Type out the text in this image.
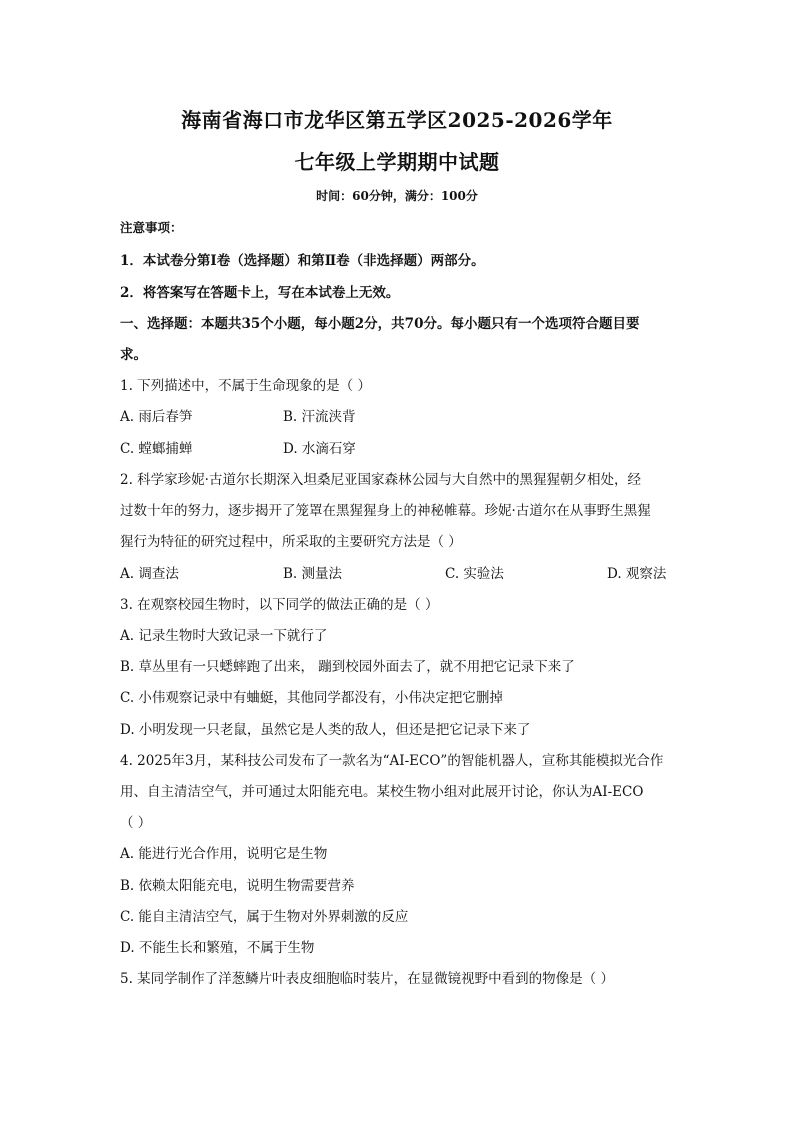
海南省海口市龙华区第五学区2025-2026学年
七年级上学期期中试题
时间：60分钟，满分：100分
注意事项：
1．本试卷分第Ⅰ卷（选择题）和第Ⅱ卷（非选择题）两部分。
2．将答案写在答题卡上，写在本试卷上无效。
一、选择题：本题共35个小题，每小题2分，共70分。每小题只有一个选项符合题目要
求。
1. 下列描述中，不属于生命现象的是（ ）
A. 雨后春笋	B. 汗流浃背
C. 螳螂捕蝉	D. 水滴石穿
2. 科学家珍妮·古道尔长期深入坦桑尼亚国家森林公园与大自然中的黑猩猩朝夕相处，经
过数十年的努力，逐步揭开了笼罩在黑猩猩身上的神秘帷幕。珍妮·古道尔在从事野生黑猩
猩行为特征的研究过程中，所采取的主要研究方法是（ ）
A. 调查法	B. 测量法	C. 实验法	D. 观察法
3. 在观察校园生物时，以下同学的做法正确的是（ ）
A. 记录生物时大致记录一下就行了
B. 草丛里有一只蟋蟀跑了出来， 蹦到校园外面去了，就不用把它记录下来了
C. 小伟观察记录中有蛐蜓，其他同学都没有，小伟决定把它删掉
D. 小明发现一只老鼠，虽然它是人类的敌人，但还是把它记录下来了
4. 2025年3月，某科技公司发布了一款名为“AI-ECO”的智能机器人，宣称其能模拟光合作
用、自主清洁空气，并可通过太阳能充电。某校生物小组对此展开讨论，你认为AI-ECO
（ ）
A. 能进行光合作用，说明它是生物
B. 依赖太阳能充电，说明生物需要营养
C. 能自主清洁空气，属于生物对外界刺激的反应
D. 不能生长和繁殖，不属于生物
5. 某同学制作了洋葱鳞片叶表皮细胞临时装片，在显微镜视野中看到的物像是（ ）
